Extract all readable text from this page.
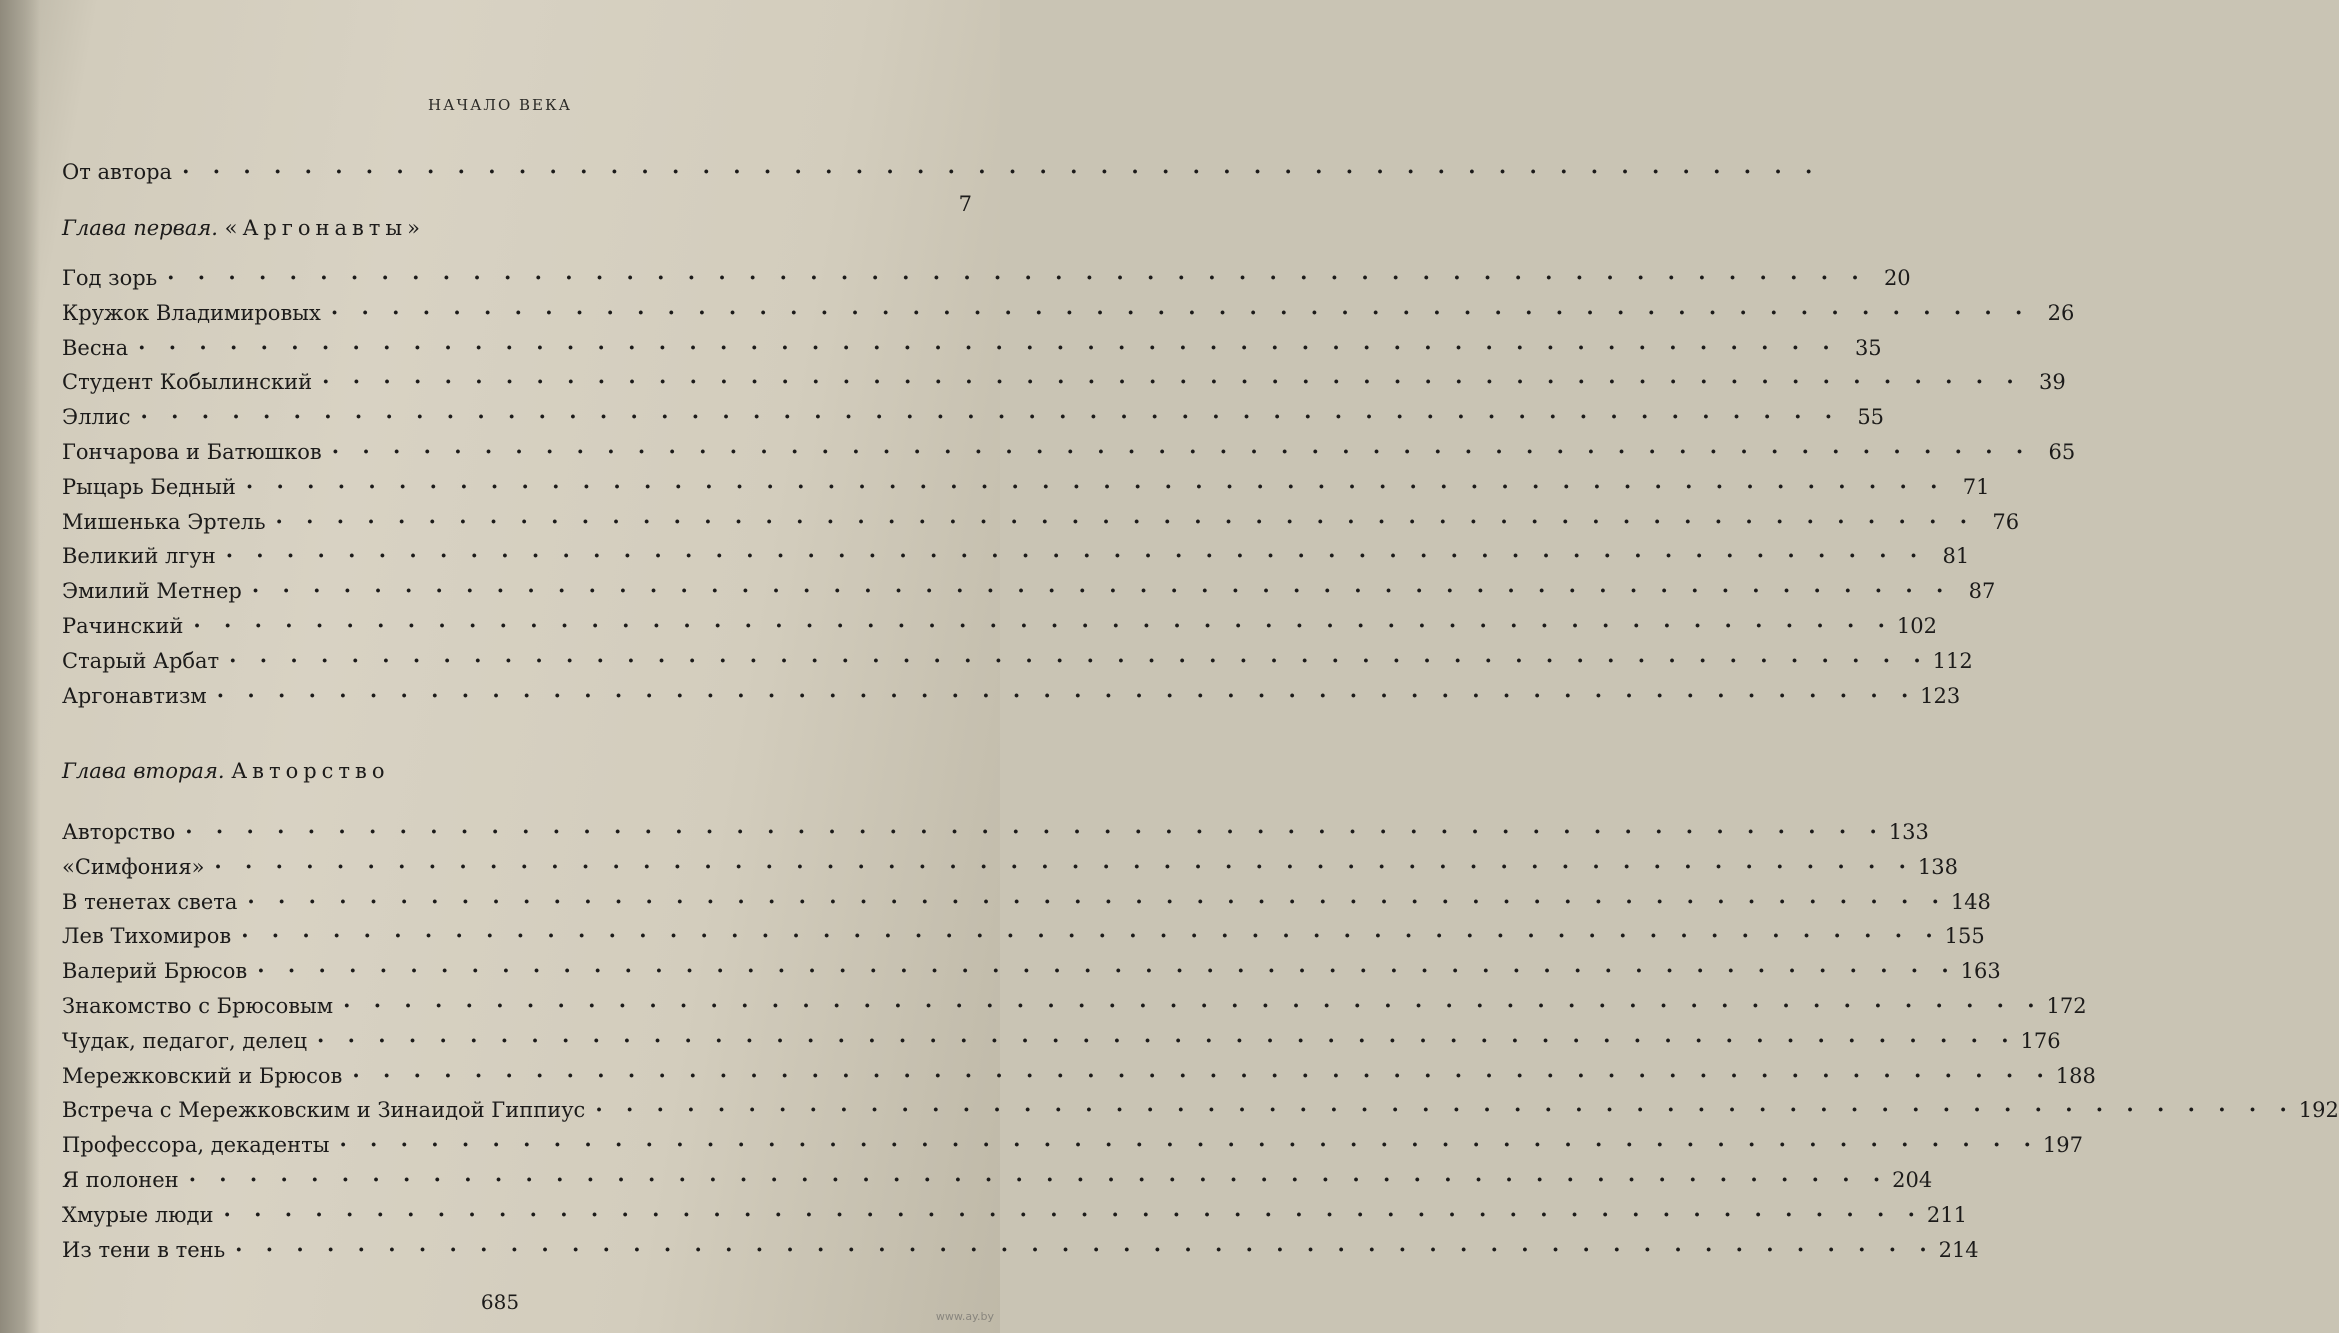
НАЧАЛО ВЕКА
От автора · · · · · · · · · · · · · · · · · · · · · · · · · · · · · · · · · · · · · · · · · · · · · · · · · · · · · ·
7
Глава первая. «Аргонавты»
Год зорь · · · · · · · · · · · · · · · · · · · · · · · · · · · · · · · · · · · · · · · · · · · · · · · · · · · · · · · · 20
Кружок Владимировых · · · · · · · · · · · · · · · · · · · · · · · · · · · · · · · · · · · · · · · · · · · · · · · · · · · · · · · · 26
Весна · · · · · · · · · · · · · · · · · · · · · · · · · · · · · · · · · · · · · · · · · · · · · · · · · · · · · · · · 35
Студент Кобылинский · · · · · · · · · · · · · · · · · · · · · · · · · · · · · · · · · · · · · · · · · · · · · · · · · · · · · · · · 39
Эллис · · · · · · · · · · · · · · · · · · · · · · · · · · · · · · · · · · · · · · · · · · · · · · · · · · · · · · · · 55
Гончарова и Батюшков · · · · · · · · · · · · · · · · · · · · · · · · · · · · · · · · · · · · · · · · · · · · · · · · · · · · · · · · 65
Рыцарь Бедный · · · · · · · · · · · · · · · · · · · · · · · · · · · · · · · · · · · · · · · · · · · · · · · · · · · · · · · · 71
Мишенька Эртель · · · · · · · · · · · · · · · · · · · · · · · · · · · · · · · · · · · · · · · · · · · · · · · · · · · · · · · · 76
Великий лгун · · · · · · · · · · · · · · · · · · · · · · · · · · · · · · · · · · · · · · · · · · · · · · · · · · · · · · · · 81
Эмилий Метнер · · · · · · · · · · · · · · · · · · · · · · · · · · · · · · · · · · · · · · · · · · · · · · · · · · · · · · · · 87
Рачинский · · · · · · · · · · · · · · · · · · · · · · · · · · · · · · · · · · · · · · · · · · · · · · · · · · · · · · · · 102
Старый Арбат · · · · · · · · · · · · · · · · · · · · · · · · · · · · · · · · · · · · · · · · · · · · · · · · · · · · · · · · 112
Аргонавтизм · · · · · · · · · · · · · · · · · · · · · · · · · · · · · · · · · · · · · · · · · · · · · · · · · · · · · · · · 123
Глава вторая. Авторство
Авторство · · · · · · · · · · · · · · · · · · · · · · · · · · · · · · · · · · · · · · · · · · · · · · · · · · · · · · · · 133
«Симфония» · · · · · · · · · · · · · · · · · · · · · · · · · · · · · · · · · · · · · · · · · · · · · · · · · · · · · · · · 138
В тенетах света · · · · · · · · · · · · · · · · · · · · · · · · · · · · · · · · · · · · · · · · · · · · · · · · · · · · · · · · 148
Лев Тихомиров · · · · · · · · · · · · · · · · · · · · · · · · · · · · · · · · · · · · · · · · · · · · · · · · · · · · · · · · 155
Валерий Брюсов · · · · · · · · · · · · · · · · · · · · · · · · · · · · · · · · · · · · · · · · · · · · · · · · · · · · · · · · 163
Знакомство с Брюсовым · · · · · · · · · · · · · · · · · · · · · · · · · · · · · · · · · · · · · · · · · · · · · · · · · · · · · · · · 172
Чудак, педагог, делец · · · · · · · · · · · · · · · · · · · · · · · · · · · · · · · · · · · · · · · · · · · · · · · · · · · · · · · · 176
Мережковский и Брюсов · · · · · · · · · · · · · · · · · · · · · · · · · · · · · · · · · · · · · · · · · · · · · · · · · · · · · · · · 188
Встреча с Мережковским и Зинаидой Гиппиус · · · · · · · · · · · · · · · · · · · · · · · · · · · · · · · · · · · · · · · · · · · · · · · · · · · · · · · · 192
Профессора, декаденты · · · · · · · · · · · · · · · · · · · · · · · · · · · · · · · · · · · · · · · · · · · · · · · · · · · · · · · · 197
Я полонен · · · · · · · · · · · · · · · · · · · · · · · · · · · · · · · · · · · · · · · · · · · · · · · · · · · · · · · · 204
Хмурые люди · · · · · · · · · · · · · · · · · · · · · · · · · · · · · · · · · · · · · · · · · · · · · · · · · · · · · · · · 211
Из тени в тень · · · · · · · · · · · · · · · · · · · · · · · · · · · · · · · · · · · · · · · · · · · · · · · · · · · · · · · · 214
685
www.ay.by
